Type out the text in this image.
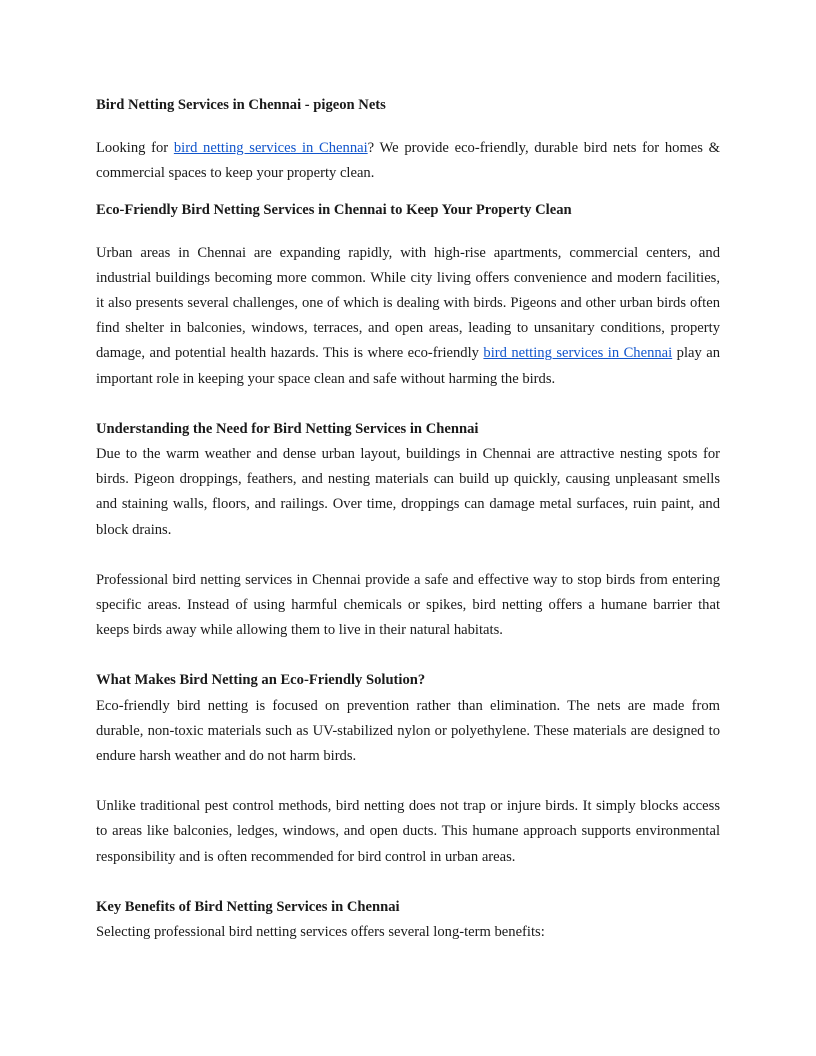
Bird Netting Services in Chennai - pigeon Nets

Looking for bird netting services in Chennai? We provide eco-friendly, durable bird nets for homes & commercial spaces to keep your property clean.

Eco-Friendly Bird Netting Services in Chennai to Keep Your Property Clean

Urban areas in Chennai are expanding rapidly, with high-rise apartments, commercial centers, and industrial buildings becoming more common. While city living offers convenience and modern facilities, it also presents several challenges, one of which is dealing with birds. Pigeons and other urban birds often find shelter in balconies, windows, terraces, and open areas, leading to unsanitary conditions, property damage, and potential health hazards. This is where eco-friendly bird netting services in Chennai play an important role in keeping your space clean and safe without harming the birds.

Understanding the Need for Bird Netting Services in Chennai

Due to the warm weather and dense urban layout, buildings in Chennai are attractive nesting spots for birds. Pigeon droppings, feathers, and nesting materials can build up quickly, causing unpleasant smells and staining walls, floors, and railings. Over time, droppings can damage metal surfaces, ruin paint, and block drains.

Professional bird netting services in Chennai provide a safe and effective way to stop birds from entering specific areas. Instead of using harmful chemicals or spikes, bird netting offers a humane barrier that keeps birds away while allowing them to live in their natural habitats.

What Makes Bird Netting an Eco-Friendly Solution?

Eco-friendly bird netting is focused on prevention rather than elimination. The nets are made from durable, non-toxic materials such as UV-stabilized nylon or polyethylene. These materials are designed to endure harsh weather and do not harm birds.

Unlike traditional pest control methods, bird netting does not trap or injure birds. It simply blocks access to areas like balconies, ledges, windows, and open ducts. This humane approach supports environmental responsibility and is often recommended for bird control in urban areas.

Key Benefits of Bird Netting Services in Chennai

Selecting professional bird netting services offers several long-term benefits:
